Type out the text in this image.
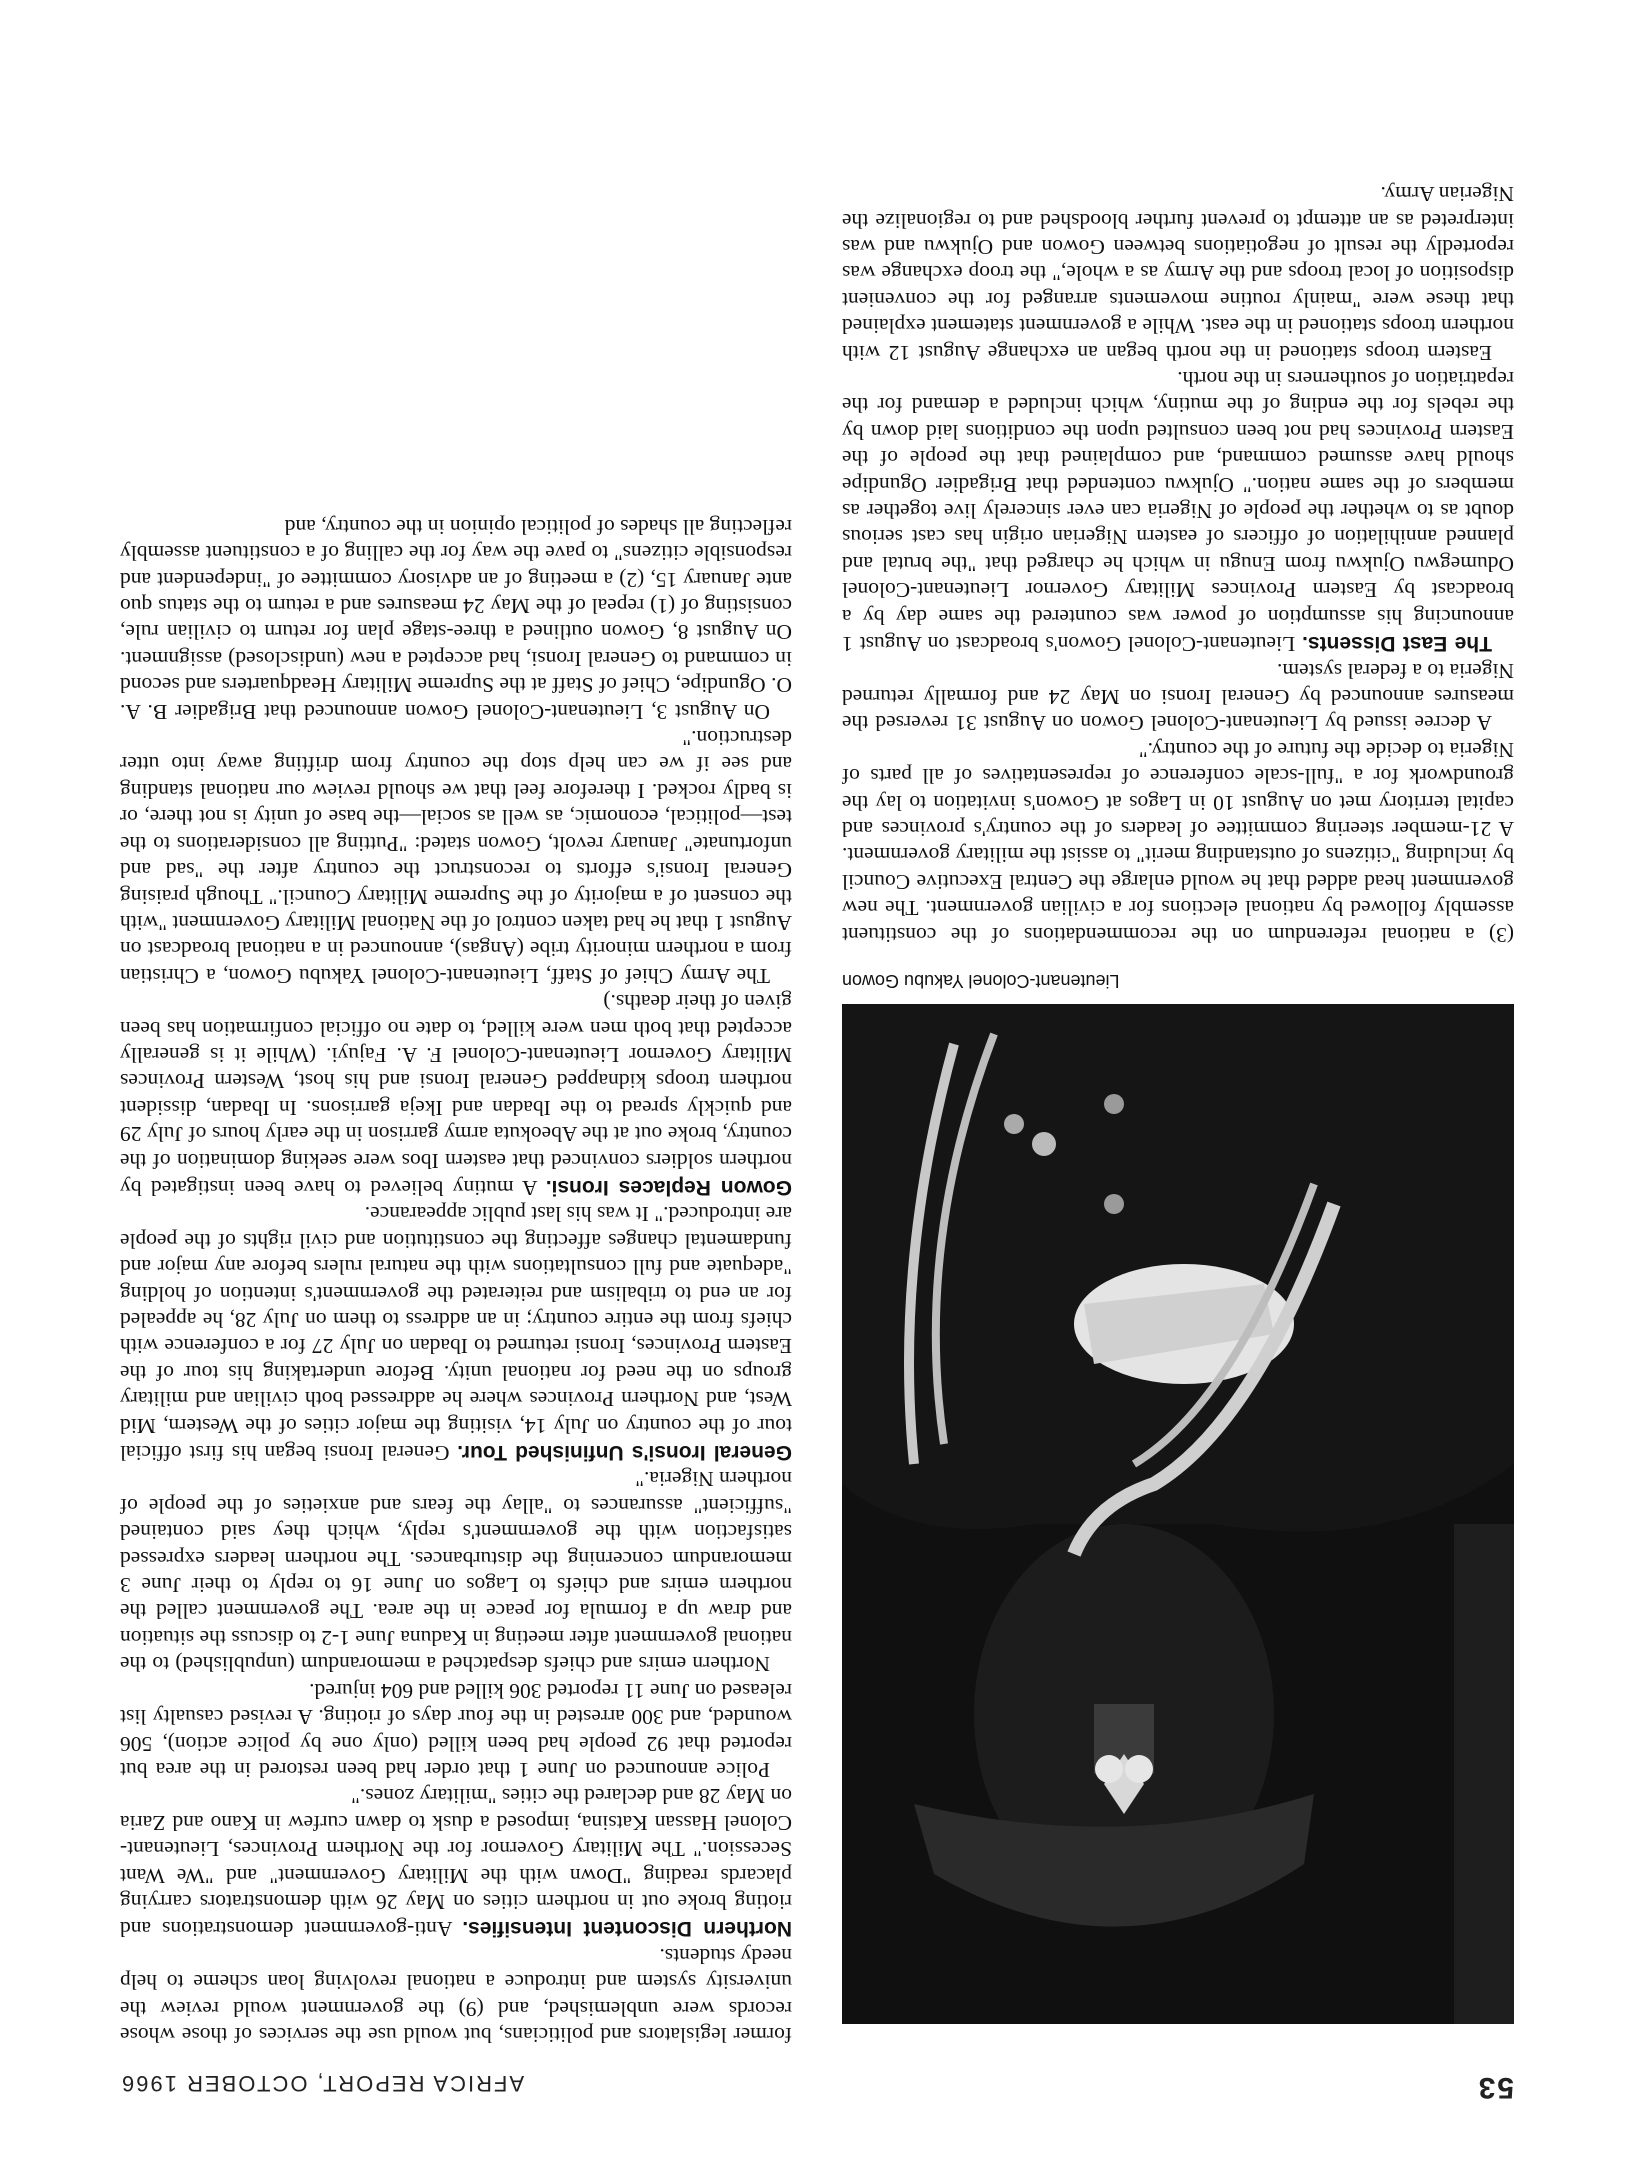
53
AFRICA REPORT, OCTOBER 1966

Lieutenant-Colonel Yakubu Gowon

(3) a national referendum on the recommendations of the constituent assembly followed by national elections for a civilian government. The new government head added that he would enlarge the Central Executive Council by including "citizens of outstanding merit" to assist the military government. A 21-member steering committee of leaders of the country's provinces and capital territory met on August 10 in Lagos at Gowon's invitation to lay the groundwork for a "full-scale conference of representatives of all parts of Nigeria to decide the future of the country."

A decree issued by Lieutenant-Colonel Gowon on August 31 reversed the measures announced by General Ironsi on May 24 and formally returned Nigeria to a federal system.

The East Dissents. Lieutenant-Colonel Gowon's broadcast on August 1 announcing his assumption of power was countered the same day by a broadcast by Eastern Provinces Military Governor Lieutenant-Colonel Odumegwu Ojukwu from Enugu in which he charged that "the brutal and planned annihilation of officers of eastern Nigerian origin has cast serious doubt as to whether the people of Nigeria can ever sincerely live together as members of the same nation." Ojukwu contended that Brigadier Ogundipe should have assumed command, and complained that the people of the Eastern Provinces had not been consulted upon the conditions laid down by the rebels for the ending of the mutiny, which included a demand for the repatriation of southerners in the north.

Eastern troops stationed in the north began an exchange August 12 with northern troops stationed in the east. While a government statement explained that these were "mainly routine movements arranged for the convenient disposition of local troops and the Army as a whole," the troop exchange was reportedly the result of negotiations between Gowon and Ojukwu and was interpreted as an attempt to prevent further bloodshed and to regionalize the Nigerian Army.

former legislators and politicians, but would use the services of those whose records were unblemished, and (9) the government would review the university system and introduce a national revolving loan scheme to help needy students.

Northern Discontent Intensifies. Anti-government demonstrations and rioting broke out in northern cities on May 26 with demonstrators carrying placards reading "Down with the Military Government" and "We Want Secession." The Military Governor for the Northern Provinces, Lieutenant-Colonel Hassan Katsina, imposed a dusk to dawn curfew in Kano and Zaria on May 28 and declared the cities "military zones."

Police announced on June 1 that order had been restored in the area but reported that 92 people had been killed (only one by police action), 506 wounded, and 300 arrested in the four days of rioting. A revised casualty list released on June 11 reported 306 killed and 604 injured.

Northern emirs and chiefs despatched a memorandum (unpublished) to the national government after meeting in Kaduna June 1-2 to discuss the situation and draw up a formula for peace in the area. The government called the northern emirs and chiefs to Lagos on June 16 to reply to their June 3 memorandum concerning the disturbances. The northern leaders expressed satisfaction with the government's reply, which they said contained "sufficient" assurances to "allay the fears and anxieties of the people of northern Nigeria."

General Ironsi's Unfinished Tour. General Ironsi began his first official tour of the country on July 14, visiting the major cities of the Western, Mid West, and Northern Provinces where he addressed both civilian and military groups on the need for national unity. Before undertaking his tour of the Eastern Provinces, Ironsi returned to Ibadan on July 27 for a conference with chiefs from the entire country; in an address to them on July 28, he appealed for an end to tribalism and reiterated the government's intention of holding "adequate and full consultations with the natural rulers before any major and fundamental changes affecting the constitution and civil rights of the people are introduced." It was his last public appearance.

Gowon Replaces Ironsi. A mutiny believed to have been instigated by northern soldiers convinced that eastern Ibos were seeking domination of the country, broke out at the Abeokuta army garrison in the early hours of July 29 and quickly spread to the Ibadan and Ikeja garrisons. In Ibadan, dissident northern troops kidnapped General Ironsi and his host, Western Provinces Military Governor Lieutenant-Colonel F. A. Fajuyi. (While it is generally accepted that both men were killed, to date no official confirmation has been given of their deaths.)

The Army Chief of Staff, Lieutenant-Colonel Yakubu Gowon, a Christian from a northern minority tribe (Angas), announced in a national broadcast on August 1 that he had taken control of the National Military Government "with the consent of a majority of the Supreme Military Council." Though praising General Ironsi's efforts to reconstruct the country after the "sad and unfortunate" January revolt, Gowon stated: "Putting all considerations to the test—political, economic, as well as social—the base of unity is not there, or is badly rocked. I therefore feel that we should review our national standing and see if we can help stop the country from drifting away into utter destruction."

On August 3, Lieutenant-Colonel Gowon announced that Brigadier B. A. O. Ogundipe, Chief of Staff at the Supreme Military Headquarters and second in command to General Ironsi, had accepted a new (undisclosed) assignment. On August 8, Gowon outlined a three-stage plan for return to civilian rule, consisting of (1) repeal of the May 24 measures and a return to the status quo ante January 15, (2) a meeting of an advisory committee of "independent and responsible citizens" to pave the way for the calling of a constituent assembly reflecting all shades of political opinion in the country, and
